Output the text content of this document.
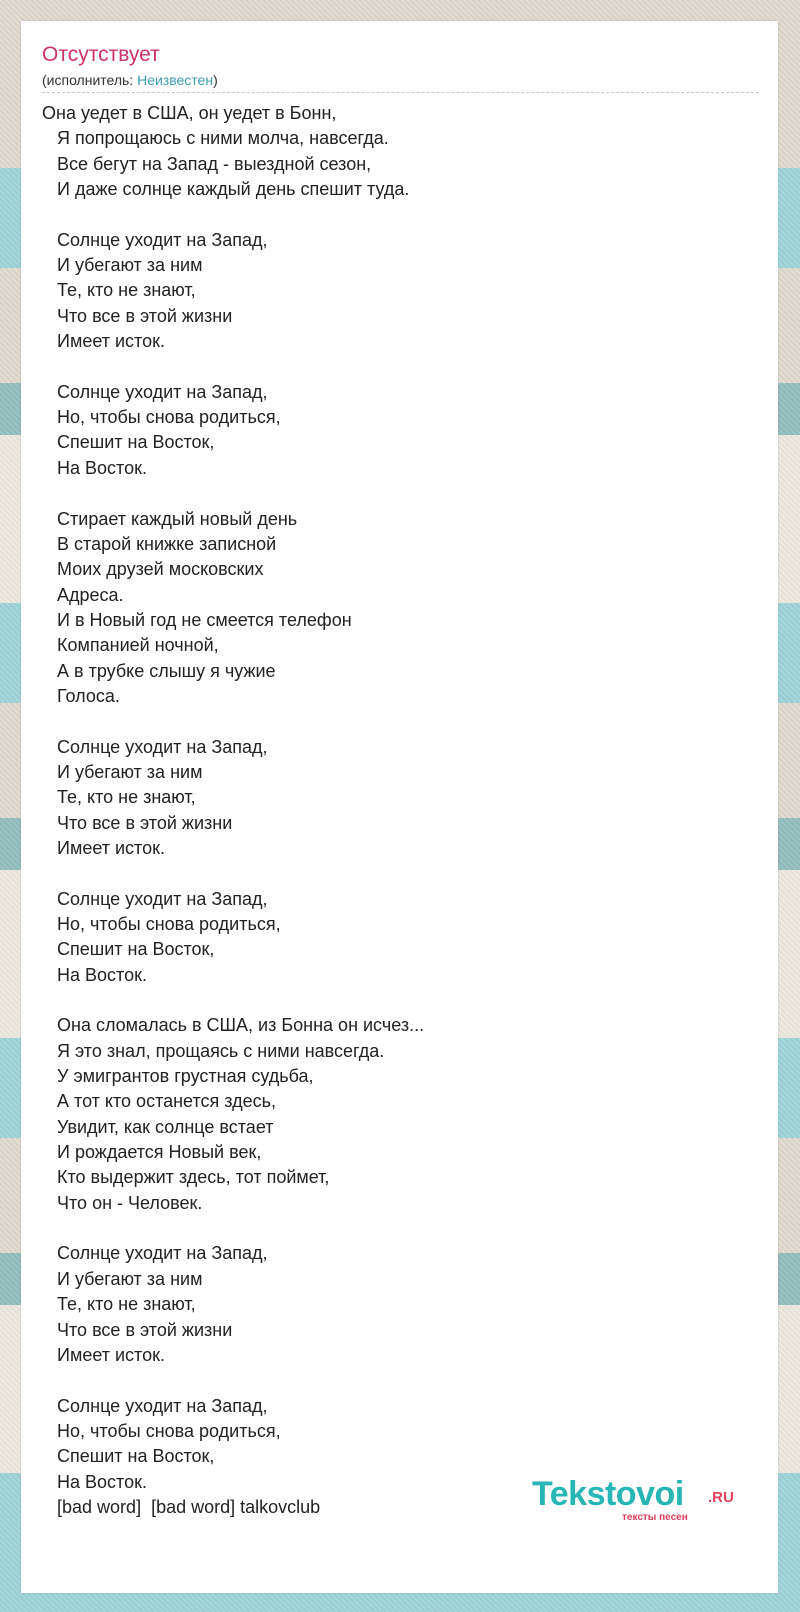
Отсутствует
(исполнитель: Неизвестен)
Она уедет в США, он уедет в Бонн,
Я попрощаюсь с ними молча, навсегда.
Все бегут на Запад - выездной сезон,
И даже солнце каждый день спешит туда.

Солнце уходит на Запад,
И убегают за ним
Те, кто не знают,
Что все в этой жизни
Имеет исток.

Солнце уходит на Запад,
Но, чтобы снова родиться,
Спешит на Восток,
На Восток.

Стирает каждый новый день
В старой книжке записной
Моих друзей московских
Адреса.
И в Новый год не смеется телефон
Компанией ночной,
А в трубке слышу я чужие
Голоса.

Солнце уходит на Запад,
И убегают за ним
Те, кто не знают,
Что все в этой жизни
Имеет исток.

Солнце уходит на Запад,
Но, чтобы снова родиться,
Спешит на Восток,
На Восток.

Она сломалась в США, из Бонна он исчез...
Я это знал, прощаясь с ними навсегда.
У эмигрантов грустная судьба,
А тот кто останется здесь,
Увидит, как солнце встает
И рождается Новый век,
Кто выдержит здесь, тот поймет,
Что он - Человек.

Солнце уходит на Запад,
И убегают за ним
Те, кто не знают,
Что все в этой жизни
Имеет исток.

Солнце уходит на Запад,
Но, чтобы снова родиться,
Спешит на Восток,
На Восток.
[bad word]  [bad word] talkovclub	Tekstovoi .RU
тексты песен
